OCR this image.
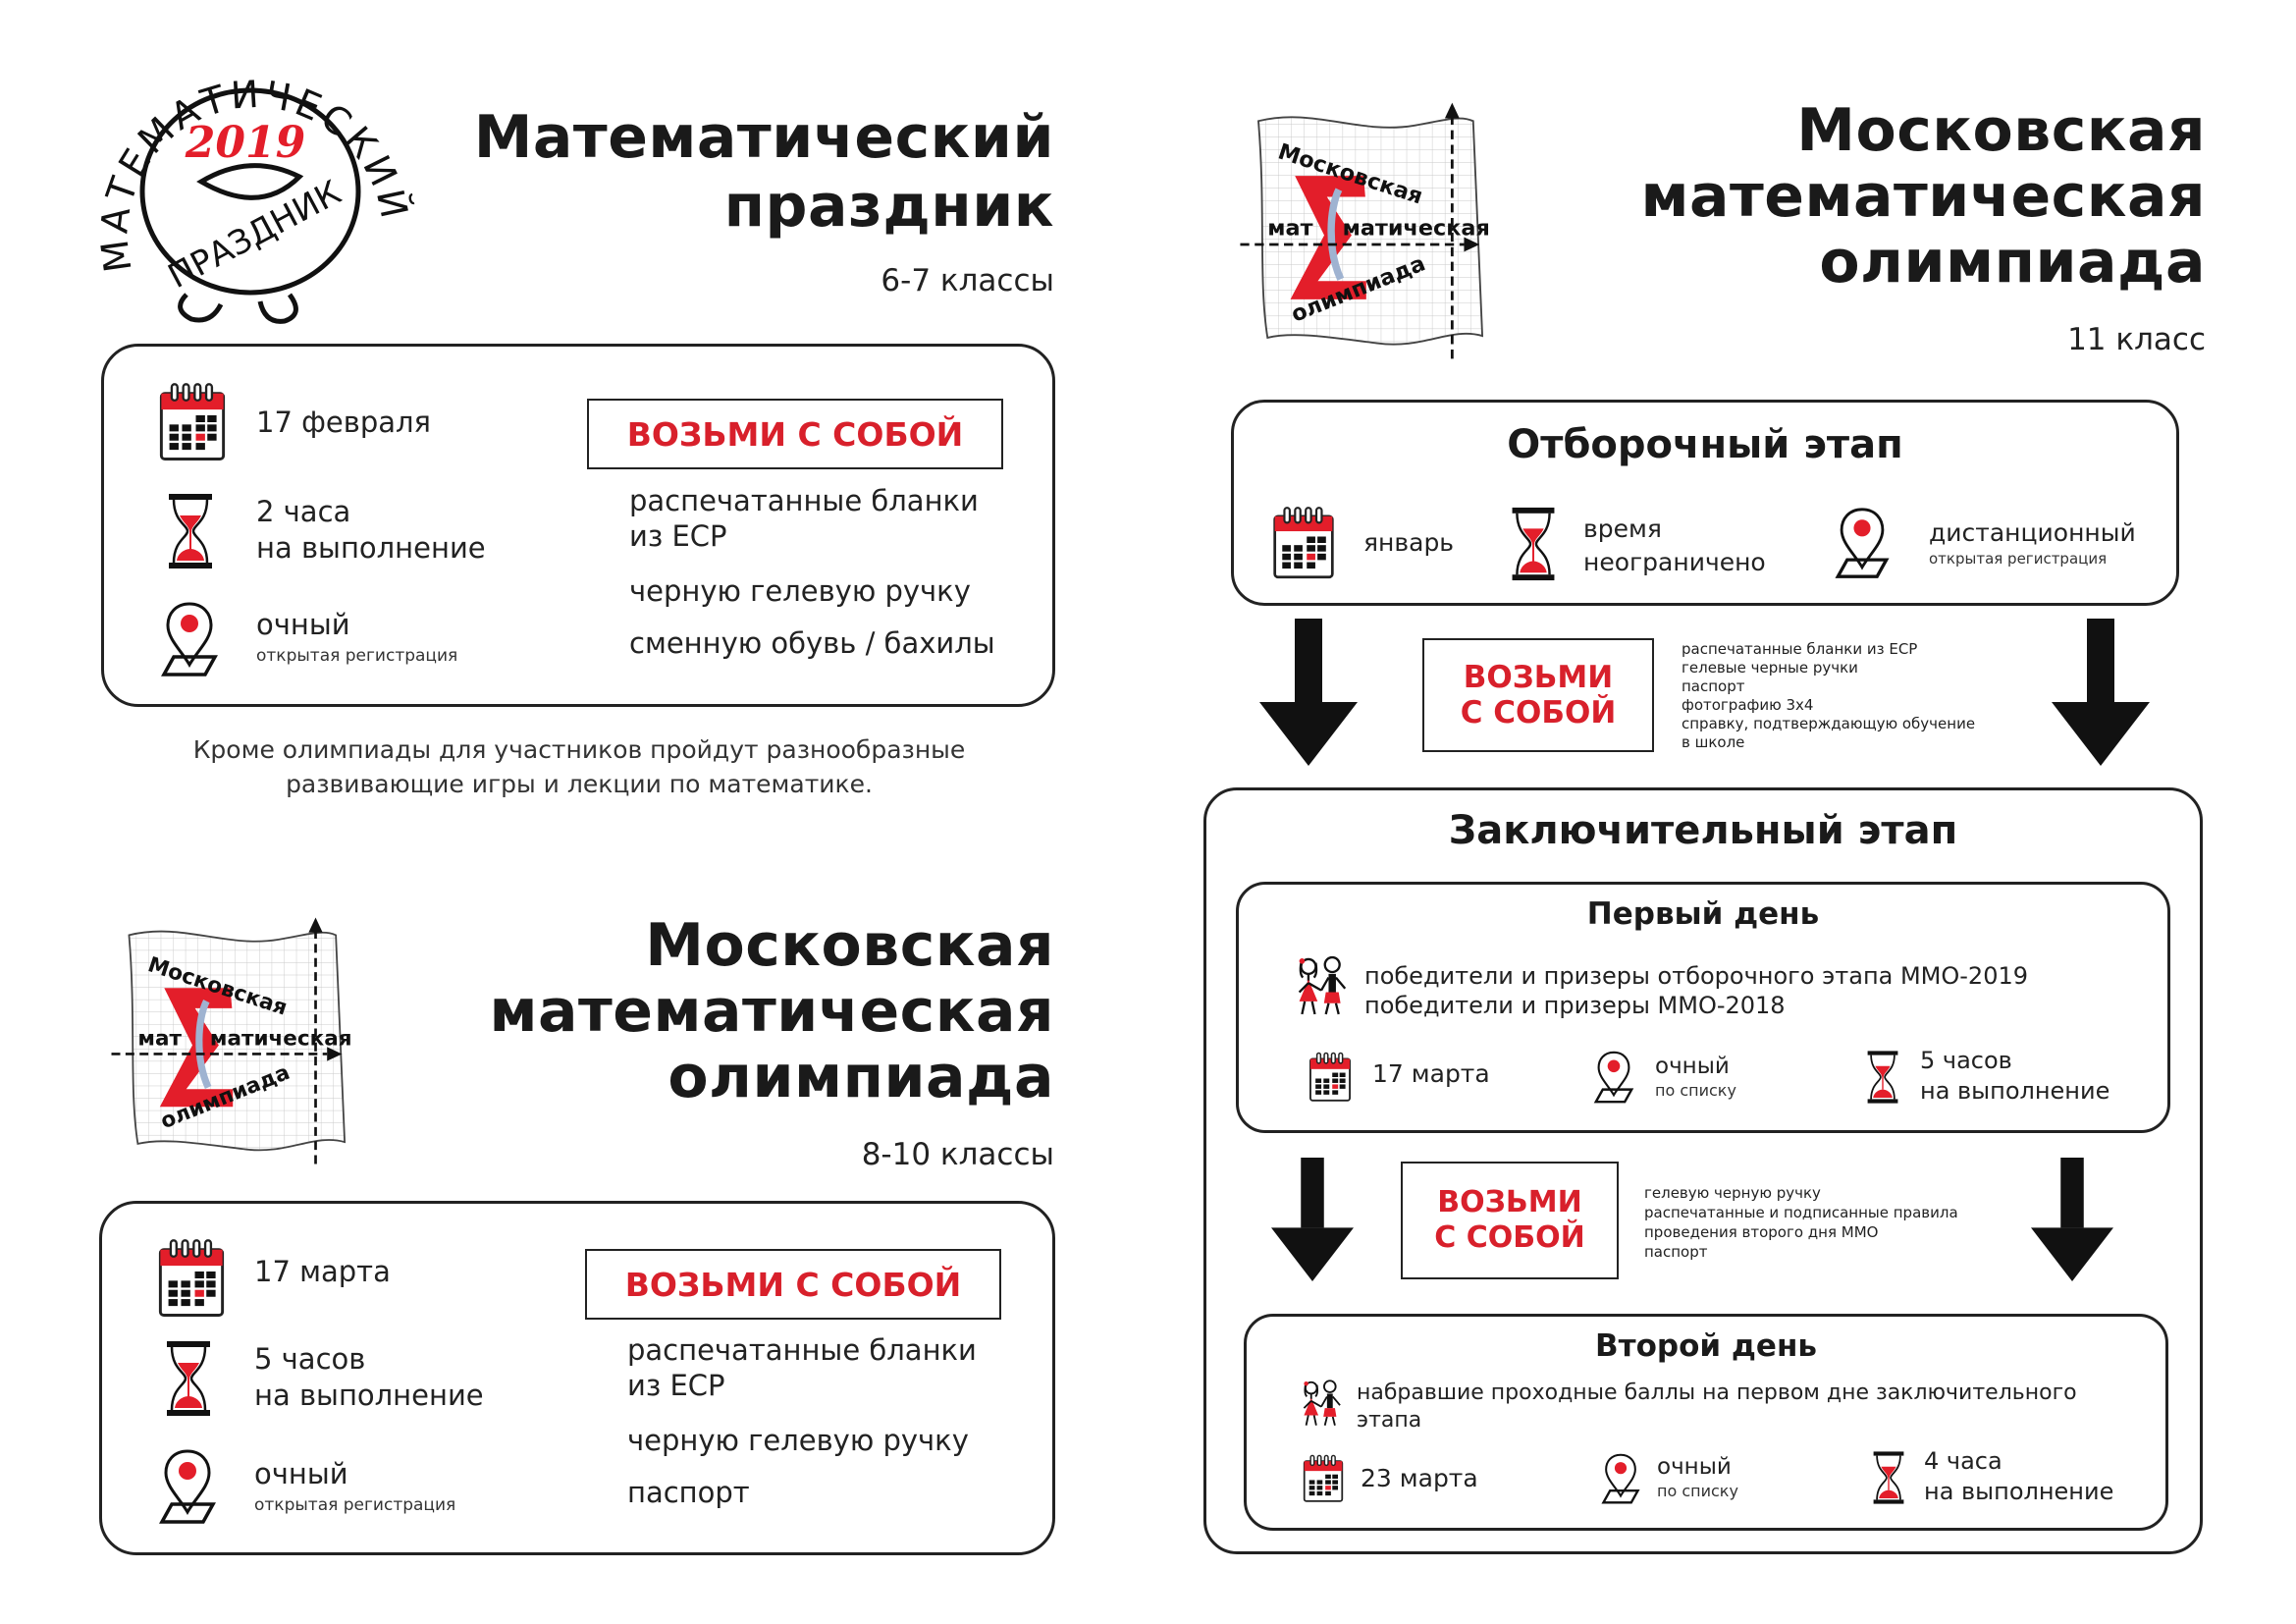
МАТЕМАТИЧЕСКИЙ
2019
ПРАЗДНИК
Математический
праздник
6-7 классы
17 февраля
2 часа
на выполнение
очный
открытая регистрация
ВОЗЬМИ С СОБОЙ
распечатанные бланки
из ЕСР
черную гелевую ручку
сменную обувь / бахилы
Кроме олимпиады для участников пройдут разнообразные
развивающие игры и лекции по математике.
Московская
мат матическая
олимпиада
Московская
математическая
олимпиада
8-10 классы
17 марта
5 часов
на выполнение
очный
открытая регистрация
ВОЗЬМИ С СОБОЙ
распечатанные бланки
из ЕСР
черную гелевую ручку
паспорт
Московская
мат матическая
олимпиада
Московская
математическая
олимпиада
11 класс
Отборочный этап
январь	время
неограничено
дистанционный
открытая регистрация
ВОЗЬМИ
С СОБОЙ
распечатанные бланки из ЕСР
гелевые черные ручки
паспорт
фотографию 3x4
справку, подтверждающую обучение
в школе
Заключительный этап
Первый день
победители и призеры отборочного этапа ММО-2019
победители и призеры ММО-2018
17 марта	очный
по списку
5 часов
на выполнение
ВОЗЬМИ
С СОБОЙ
гелевую черную ручку
распечатанные и подписанные правила
проведения второго дня ММО
паспорт
Второй день
набравшие проходные баллы на первом дне заключительного
этапа
23 марта	очный
по списку
4 часа
на выполнение
